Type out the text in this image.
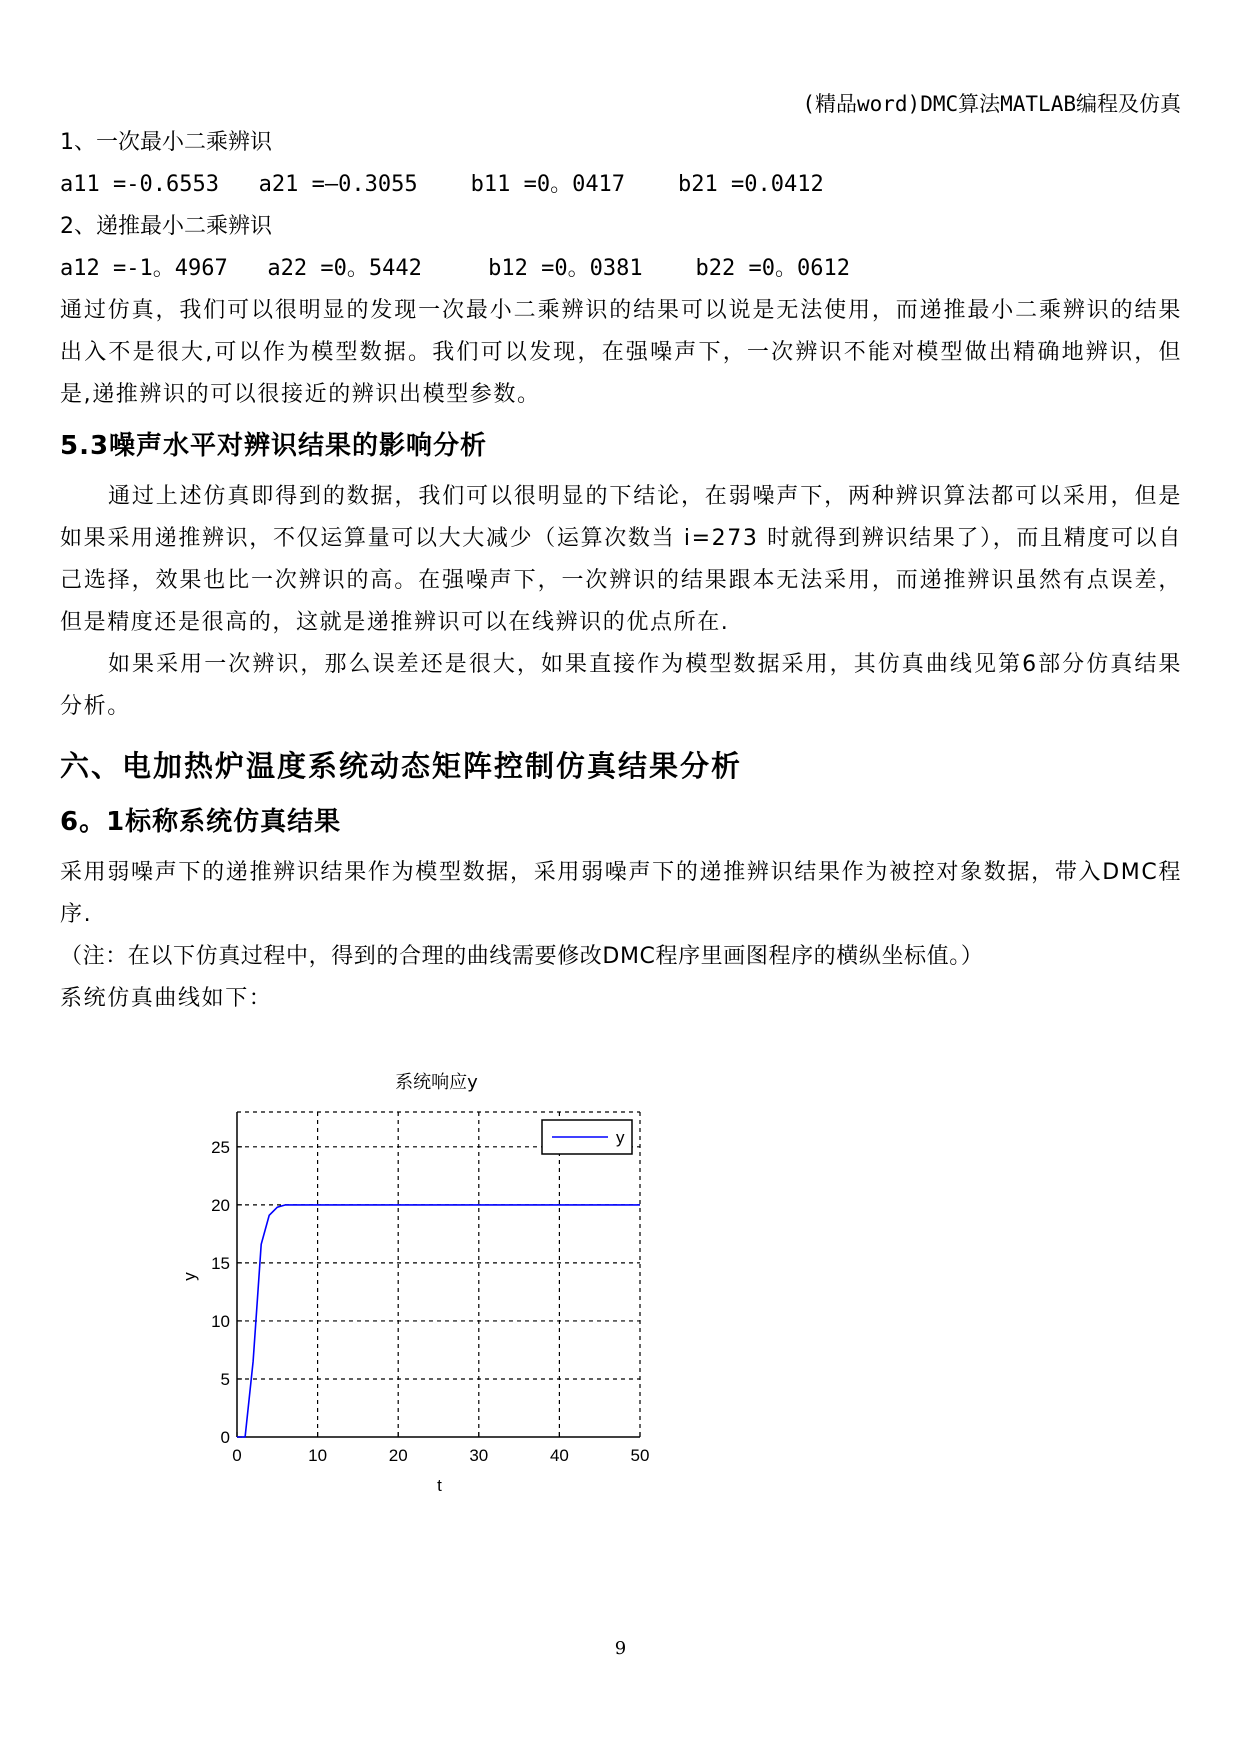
(精品word)DMC算法MATLAB编程及仿真
1、一次最小二乘辨识
a11 =-0.6553   a21 =—0.3055    b11 =0。0417    b21 =0.0412
2、递推最小二乘辨识
a12 =-1。4967   a22 =0。5442     b12 =0。0381    b22 =0。0612
通过仿真，我们可以很明显的发现一次最小二乘辨识的结果可以说是无法使用，而递推最小二乘辨识的结果出入不是很大,可以作为模型数据。我们可以发现，在强噪声下，一次辨识不能对模型做出精确地辨识，但是,递推辨识的可以很接近的辨识出模型参数。
5.3噪声水平对辨识结果的影响分析
通过上述仿真即得到的数据，我们可以很明显的下结论，在弱噪声下，两种辨识算法都可以采用，但是如果采用递推辨识，不仅运算量可以大大减少（运算次数当 i=273 时就得到辨识结果了），而且精度可以自己选择，效果也比一次辨识的高。在强噪声下，一次辨识的结果跟本无法采用，而递推辨识虽然有点误差，但是精度还是很高的，这就是递推辨识可以在线辨识的优点所在.
如果采用一次辨识，那么误差还是很大，如果直接作为模型数据采用，其仿真曲线见第6部分仿真结果分析。
六、电加热炉温度系统动态矩阵控制仿真结果分析
6。1标称系统仿真结果
采用弱噪声下的递推辨识结果作为模型数据，采用弱噪声下的递推辨识结果作为被控对象数据，带入DMC程序.
（注：在以下仿真过程中，得到的合理的曲线需要修改DMC程序里画图程序的横纵坐标值。）
系统仿真曲线如下：
0	10	20	30	40	50
0
5
10
15
20
25
t
y
系统响应y
y
9
